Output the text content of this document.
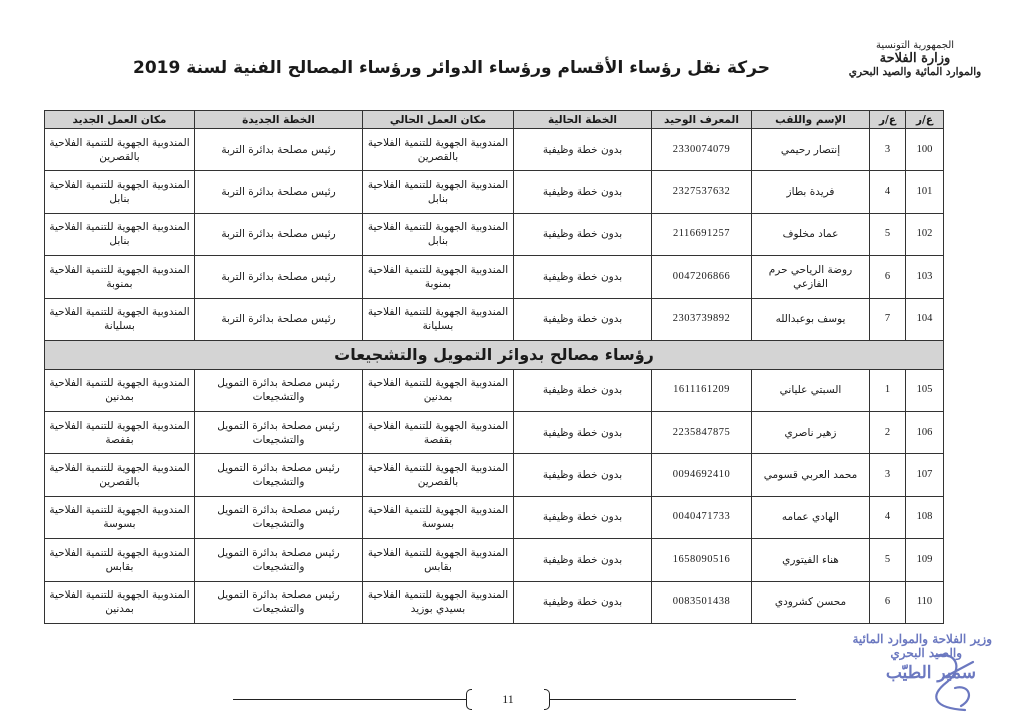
الجمهورية التونسية
وزارة الفلاحة
والموارد المائية والصيد البحري
حركة نقل رؤساء الأقسام ورؤساء الدوائر ورؤساء المصالح الفنية لسنة 2019
ع/ر	ع/ر	الإسم واللقب	المعرف الوحيد	الخطة الحالية	مكان العمل الحالي	الخطة الجديدة	مكان العمل الجديد
100	3	إنتصار رحيمي	2330074079	بدون خطة وظيفية	المندوبية الجهوية للتنمية الفلاحية بالقصرين	رئيس مصلحة بدائرة التربة	المندوبية الجهوية للتنمية الفلاحية بالقصرين
101	4	فريدة بطاز	2327537632	بدون خطة وظيفية	المندوبية الجهوية للتنمية الفلاحية بنابل	رئيس مصلحة بدائرة التربة	المندوبية الجهوية للتنمية الفلاحية بنابل
102	5	عماد مخلوف	2116691257	بدون خطة وظيفية	المندوبية الجهوية للتنمية الفلاحية بنابل	رئيس مصلحة بدائرة التربة	المندوبية الجهوية للتنمية الفلاحية بنابل
103	6	روضة الرياحي حرم الفازعي	0047206866	بدون خطة وظيفية	المندوبية الجهوية للتنمية الفلاحية بمنوبة	رئيس مصلحة بدائرة التربة	المندوبية الجهوية للتنمية الفلاحية بمنوبة
104	7	يوسف بوعبدالله	2303739892	بدون خطة وظيفية	المندوبية الجهوية للتنمية الفلاحية بسليانة	رئيس مصلحة بدائرة التربة	المندوبية الجهوية للتنمية الفلاحية بسليانة
رؤساء مصالح بدوائر التمويل والتشجيعات							
105	1	السبتي علياني	1611161209	بدون خطة وظيفية	المندوبية الجهوية للتنمية الفلاحية بمدنين	رئيس مصلحة بدائرة التمويل والتشجيعات	المندوبية الجهوية للتنمية الفلاحية بمدنين
106	2	زهير ناصري	2235847875	بدون خطة وظيفية	المندوبية الجهوية للتنمية الفلاحية بقفصة	رئيس مصلحة بدائرة التمويل والتشجيعات	المندوبية الجهوية للتنمية الفلاحية بقفصة
107	3	محمد العربي قسومي	0094692410	بدون خطة وظيفية	المندوبية الجهوية للتنمية الفلاحية بالقصرين	رئيس مصلحة بدائرة التمويل والتشجيعات	المندوبية الجهوية للتنمية الفلاحية بالقصرين
108	4	الهادي عمامه	0040471733	بدون خطة وظيفية	المندوبية الجهوية للتنمية الفلاحية بسوسة	رئيس مصلحة بدائرة التمويل والتشجيعات	المندوبية الجهوية للتنمية الفلاحية بسوسة
109	5	هناء الفيتوري	1658090516	بدون خطة وظيفية	المندوبية الجهوية للتنمية الفلاحية بقابس	رئيس مصلحة بدائرة التمويل والتشجيعات	المندوبية الجهوية للتنمية الفلاحية بقابس
110	6	محسن كشرودي	0083501438	بدون خطة وظيفية	المندوبية الجهوية للتنمية الفلاحية بسيدي بوزيد	رئيس مصلحة بدائرة التمويل والتشجيعات	المندوبية الجهوية للتنمية الفلاحية بمدنين
وزير الفلاحة والموارد المائية
والصيد البحري
سمير الطيّب
11
